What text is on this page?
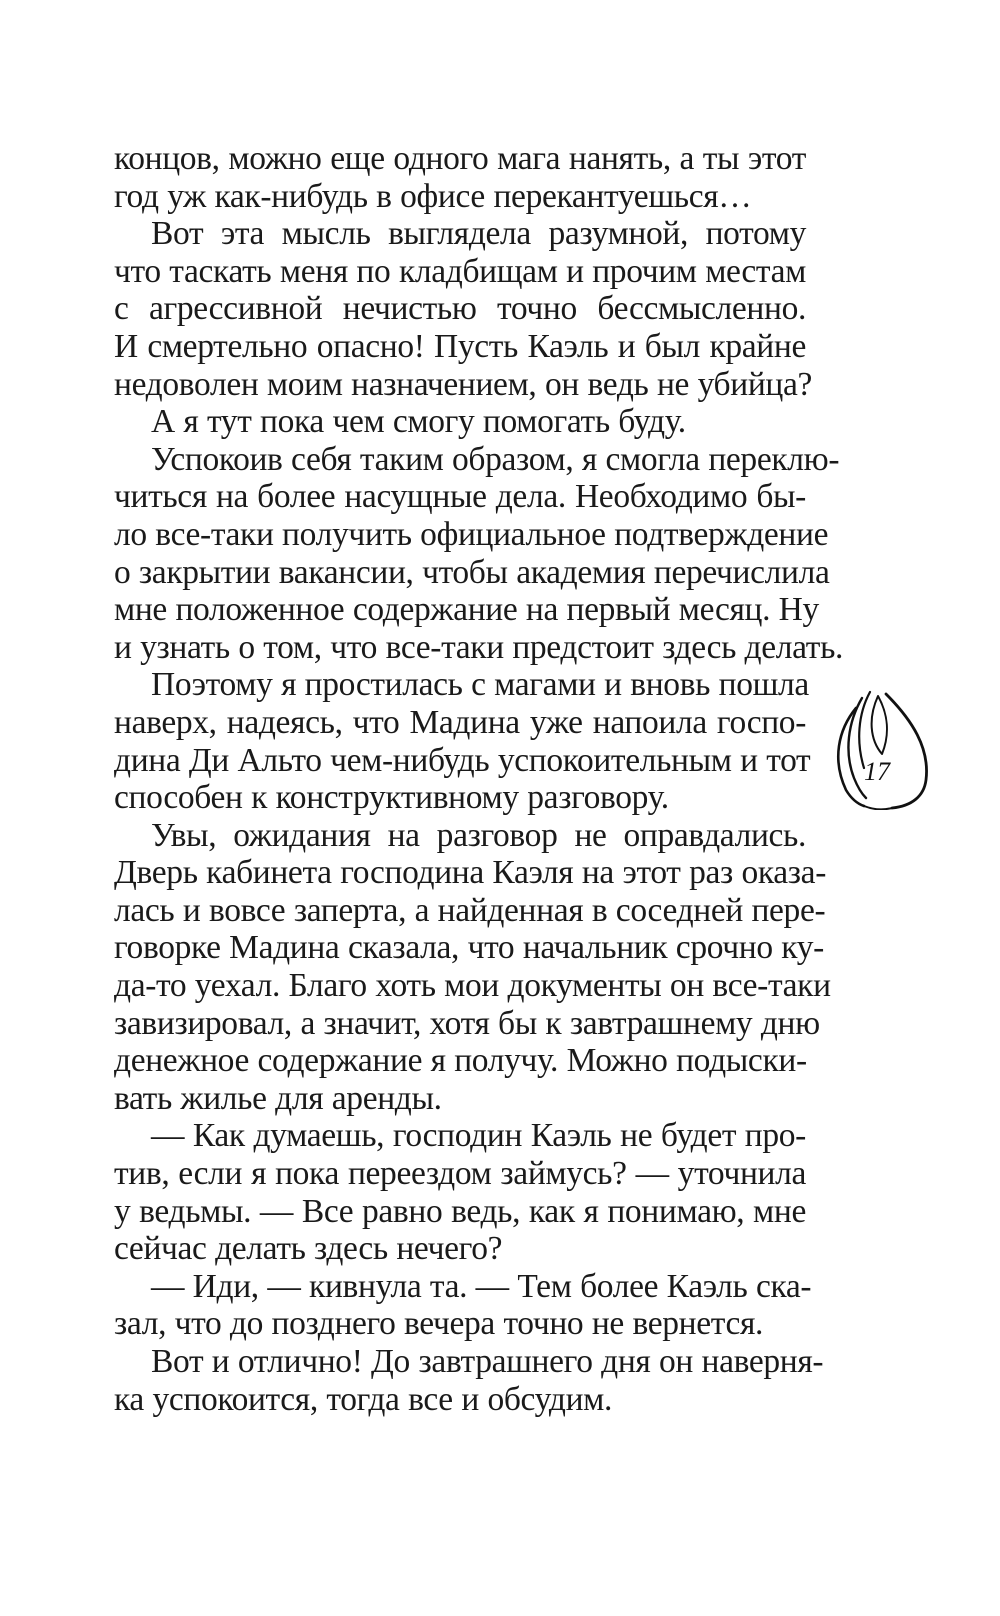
концов, можно еще одного мага нанять, а ты этот
год уж как-нибудь в офисе перекантуешься…
Вот эта мысль выглядела разумной, потому
что таскать меня по кладбищам и прочим местам
с агрессивной нечистью точно бессмысленно.
И смертельно опасно! Пусть Каэль и был крайне
недоволен моим назначением, он ведь не убийца?
А я тут пока чем смогу помогать буду.
Успокоив себя таким образом, я смогла переклю-
читься на более насущные дела. Необходимо бы-
ло все-таки получить официальное подтверждение
о закрытии вакансии, чтобы академия перечислила
мне положенное содержание на первый месяц. Ну
и узнать о том, что все-таки предстоит здесь делать.
Поэтому я простилась с магами и вновь пошла
наверх, надеясь, что Мадина уже напоила госпо-
дина Ди Альто чем-нибудь успокоительным и тот
способен к конструктивному разговору.
Увы, ожидания на разговор не оправдались.
Дверь кабинета господина Каэля на этот раз оказа-
лась и вовсе заперта, а найденная в соседней пере-
говорке Мадина сказала, что начальник срочно ку-
да-то уехал. Благо хоть мои документы он все-таки
завизировал, а значит, хотя бы к завтрашнему дню
денежное содержание я получу. Можно подыски-
вать жилье для аренды.
— Как думаешь, господин Каэль не будет про-
тив, если я пока переездом займусь? — уточнила
у ведьмы. — Все равно ведь, как я понимаю, мне
сейчас делать здесь нечего?
— Иди, — кивнула та. — Тем более Каэль ска-
зал, что до позднего вечера точно не вернется.
Вот и отлично! До завтрашнего дня он наверня-
ка успокоится, тогда все и обсудим.
17
